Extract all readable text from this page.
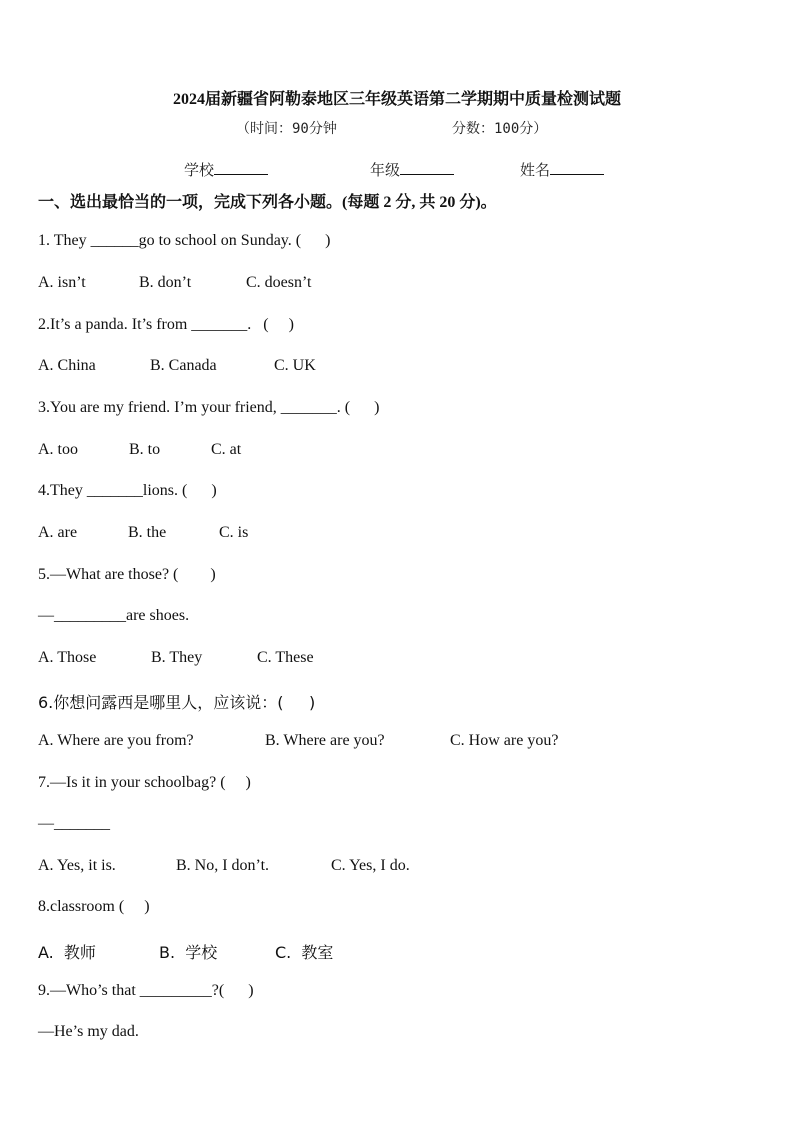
2024届新疆省阿勒泰地区三年级英语第二学期期中质量检测试题
（时间：90分钟	分数：100分）
学校	年级	姓名
一、选出最恰当的一项，完成下列各小题。(每题 2 分, 共 20 分)。
1. They ______go to school on Sunday. (      )
A. isn’t	B. don’t	C. doesn’t
2.It’s a panda. It’s from _______.   (     )
A. China	B. Canada	C. UK
3.You are my friend. I’m your friend, _______. (      )
A. too	B. to	C. at
4.They _______lions. (      )
A. are	B. the	C. is
5.—What are those? (        )
—_________are shoes.
A. Those	B. They	C. These
6.你想问露西是哪里人，应该说：(     )
A. Where are you from?	B. Where are you?	C. How are you?
7.—Is it in your schoolbag? (     )
—_______
A. Yes, it is.	B. No, I don’t.	C. Yes, I do.
8.classroom (     )
A.  教师	B.  学校	C.  教室
9.—Who’s that _________?(      )
—He’s my dad.
